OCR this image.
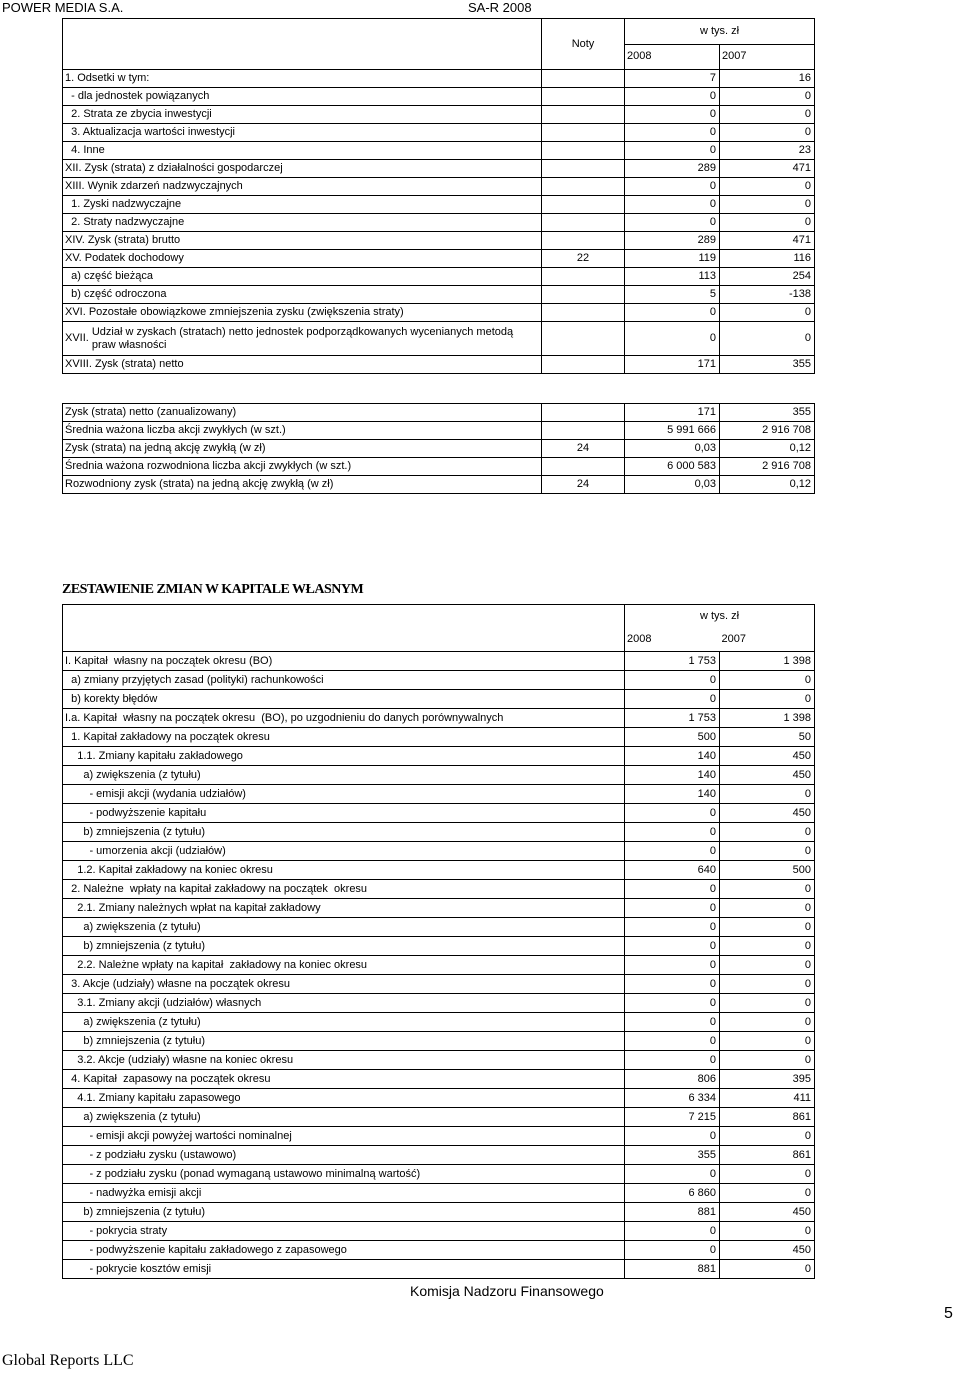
POWER MEDIA S.A.	SA-R 2008
	Noty	w tys. zł	
		2008	2007
1. Odsetki w tym:		7	16
- dla jednostek powiązanych		0	0
2. Strata ze zbycia inwestycji		0	0
3. Aktualizacja wartości inwestycji		0	0
4. Inne		0	23
XII. Zysk (strata) z działalności gospodarczej		289	471
XIII. Wynik zdarzeń nadzwyczajnych		0	0
1. Zyski nadzwyczajne		0	0
2. Straty nadzwyczajne		0	0
XIV. Zysk (strata) brutto		289	471
XV. Podatek dochodowy	22	119	116
a) część bieżąca		113	254
b) część odroczona		5	-138
XVI. Pozostałe obowiązkowe zmniejszenia zysku (zwiększenia straty)		0	0

XVII.
Udział w zyskach (stratach) netto jednostek podporządkowanych wycenianych metodą
praw własności		0	0
XVIII. Zysk (strata) netto		171	355
Zysk (strata) netto (zanualizowany)		171	355
Średnia ważona liczba akcji zwykłych (w szt.)		5 991 666	2 916 708
Zysk (strata) na jedną akcję zwykłą (w zł)	24	0,03	0,12
Średnia ważona rozwodniona liczba akcji zwykłych (w szt.)		6 000 583	2 916 708
Rozwodniony zysk (strata) na jedną akcję zwykłą (w zł)	24	0,03	0,12
ZESTAWIENIE ZMIAN W KAPITALE WŁASNYM
	w tys. zł	
	2008	2007
I. Kapitał  własny na początek okresu (BO)	1 753	1 398
a) zmiany przyjętych zasad (polityki) rachunkowości	0	0
b) korekty błędów	0	0
I.a. Kapitał  własny na początek okresu  (BO), po uzgodnieniu do danych porównywalnych	1 753	1 398
1. Kapitał zakładowy na początek okresu	500	50
1.1. Zmiany kapitału zakładowego	140	450
a) zwiększenia (z tytułu)	140	450
- emisji akcji (wydania udziałów)	140	0
- podwyższenie kapitału	0	450
b) zmniejszenia (z tytułu)	0	0
- umorzenia akcji (udziałów)	0	0
1.2. Kapitał zakładowy na koniec okresu	640	500
2. Należne  wpłaty na kapitał zakładowy na początek  okresu	0	0
2.1. Zmiany należnych wpłat na kapitał zakładowy	0	0
a) zwiększenia (z tytułu)	0	0
b) zmniejszenia (z tytułu)	0	0
2.2. Należne wpłaty na kapitał  zakładowy na koniec okresu	0	0
3. Akcje (udziały) własne na początek okresu	0	0
3.1. Zmiany akcji (udziałów) własnych	0	0
a) zwiększenia (z tytułu)	0	0
b) zmniejszenia (z tytułu)	0	0
3.2. Akcje (udziały) własne na koniec okresu	0	0
4. Kapitał  zapasowy na początek okresu	806	395
4.1. Zmiany kapitału zapasowego	6 334	411
a) zwiększenia (z tytułu)	7 215	861
- emisji akcji powyżej wartości nominalnej	0	0
- z podziału zysku (ustawowo)	355	861
- z podziału zysku (ponad wymaganą ustawowo minimalną wartość)	0	0
- nadwyżka emisji akcji	6 860	0
b) zmniejszenia (z tytułu)	881	450
- pokrycia straty	0	0
- podwyższenie kapitału zakładowego z zapasowego	0	450
- pokrycie kosztów emisji	881	0
Komisja Nadzoru Finansowego
5
Global Reports LLC
